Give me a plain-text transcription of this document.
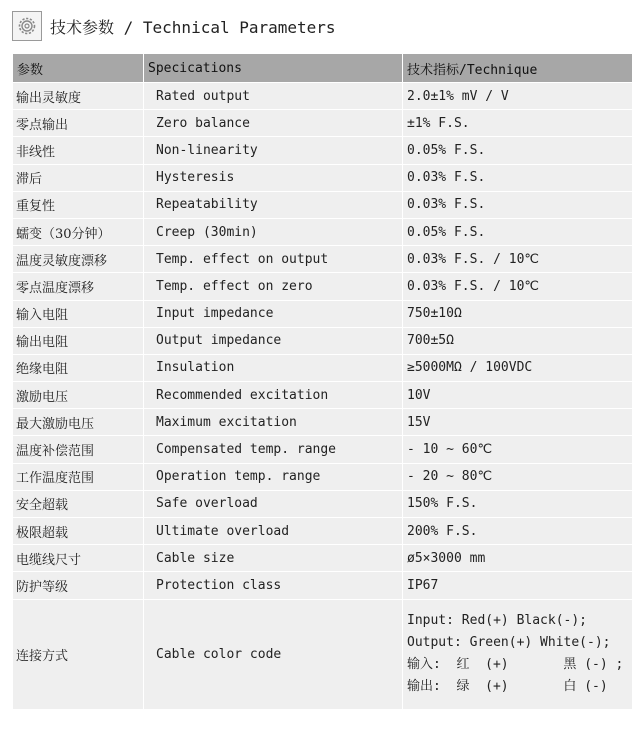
技术参数 / Technical Parameters
参数	Specications	技术指标/Technique
输出灵敏度	Rated output	2.0±1% mV / V
零点输出	Zero balance	±1% F.S.
非线性	Non-linearity	0.05% F.S.
滞后	Hysteresis	0.03% F.S.
重复性	Repeatability	0.03% F.S.
蠕变（30分钟）	Creep (30min)	0.05% F.S.
温度灵敏度漂移	Temp. effect on output	0.03% F.S. / 10℃
零点温度漂移	Temp. effect on zero	0.03% F.S. / 10℃
输入电阻	Input impedance	750±10Ω
输出电阻	Output impedance	700±5Ω
绝缘电阻	Insulation	≥5000MΩ / 100VDC
激励电压	Recommended excitation	10V
最大激励电压	Maximum excitation	15V
温度补偿范围	Compensated temp. range	- 10 ~ 60℃
工作温度范围	Operation temp. range	- 20 ~ 80℃
安全超载	Safe overload	150% F.S.
极限超载	Ultimate overload	200% F.S.
电缆线尺寸	Cable size	ø5×3000 mm
防护等级	Protection class	IP67
连接方式	Cable color code	Input: Red(+) Black(-);
Output: Green(+) White(-);
输入:  红  (+)       黑 (-) ;
输出:  绿  (+)       白 (-)
